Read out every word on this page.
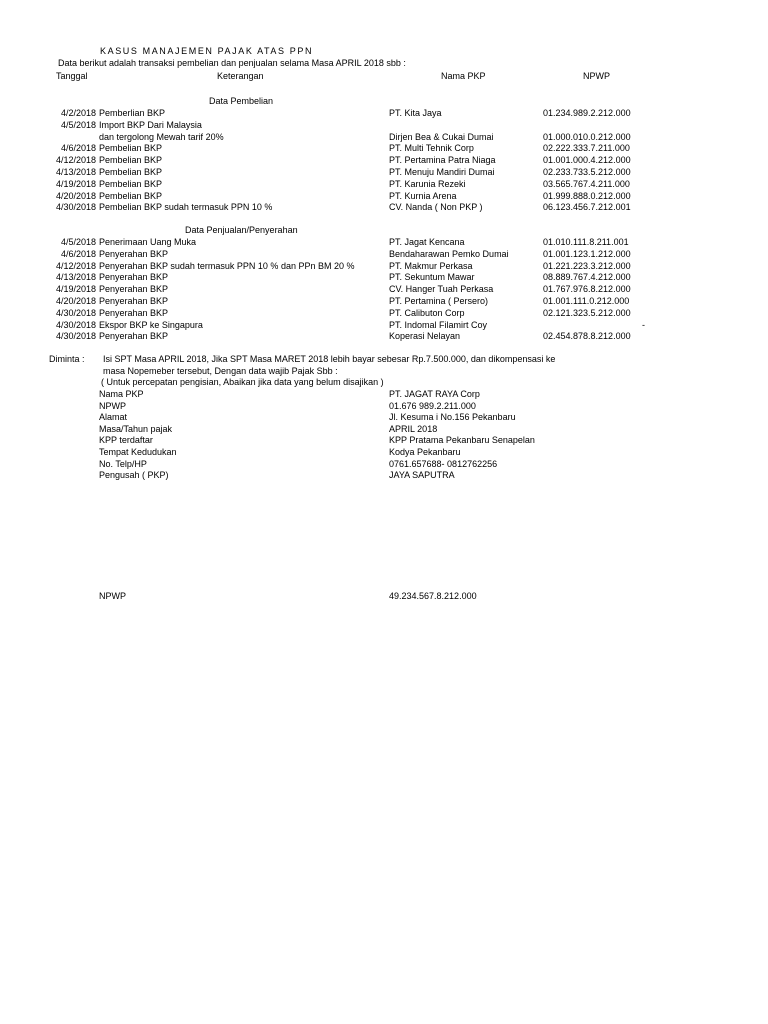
KASUS MANAJEMEN PAJAK ATAS PPN
Data berikut adalah transaksi pembelian dan penjualan selama Masa APRIL 2018 sbb :
Tanggal	Keterangan	Nama PKP	NPWP
Data Pembelian
4/2/2018 Pemberlian BKP	PT. Kita Jaya	01.234.989.2.212.000
4/5/2018 Import BKP Dari Malaysia
dan tergolong Mewah tarif 20%	Dirjen Bea & Cukai Dumai	01.000.010.0.212.000
4/6/2018 Pembelian BKP	PT. Multi Tehnik Corp	02.222.333.7.211.000
4/12/2018 Pembelian BKP	PT. Pertamina Patra Niaga	01.001.000.4.212.000
4/13/2018 Pembelian BKP	PT. Menuju Mandiri Dumai	02.233.733.5.212.000
4/19/2018 Pembelian BKP	PT. Karunia Rezeki	03.565.767.4.211.000
4/20/2018 Pembelian BKP	PT. Kurnia Arena	01.999.888.0.212.000
4/30/2018 Pembelian BKP sudah termasuk PPN 10 %	CV. Nanda ( Non PKP )	06.123.456.7.212.001
Data Penjualan/Penyerahan
4/5/2018 Penerimaan Uang Muka	PT. Jagat Kencana	01.010.111.8.211.001
4/6/2018 Penyerahan BKP	Bendaharawan Pemko Dumai	01.001.123.1.212.000
4/12/2018 Penyerahan BKP sudah termasuk PPN 10 % dan PPn BM 20 %	PT. Makmur Perkasa	01.221.223.3.212.000
4/13/2018 Penyerahan BKP	PT. Sekuntum Mawar	08.889.767.4.212.000
4/19/2018 Penyerahan BKP	CV. Hanger Tuah Perkasa	01.767.976.8.212.000
4/20/2018 Penyerahan BKP	PT. Pertamina ( Persero)	01.001.111.0.212.000
4/30/2018 Penyerahan BKP	PT. Calibuton Corp	02.121.323.5.212.000
4/30/2018 Ekspor BKP ke Singapura	PT. Indomal Filamirt Coy	-
4/30/2018 Penyerahan BKP	Koperasi Nelayan	02.454.878.8.212.000
Diminta : Isi SPT Masa APRIL 2018, Jika SPT Masa MARET 2018 lebih bayar sebesar Rp.7.500.000, dan dikompensasi ke
masa Nopemeber tersebut, Dengan data wajib Pajak Sbb :
( Untuk percepatan pengisian, Abaikan jika data yang belum disajikan )
Nama PKP	PT. JAGAT RAYA Corp
NPWP	01.676 989.2.211.000
Alamat	Jl. Kesuma i No.156 Pekanbaru
Masa/Tahun pajak	APRIL 2018
KPP terdaftar	KPP Pratama Pekanbaru Senapelan
Tempat Kedudukan	Kodya Pekanbaru
No. Telp/HP	0761.657688- 0812762256
Pengusah ( PKP)	JAYA SAPUTRA
NPWP	49.234.567.8.212.000
